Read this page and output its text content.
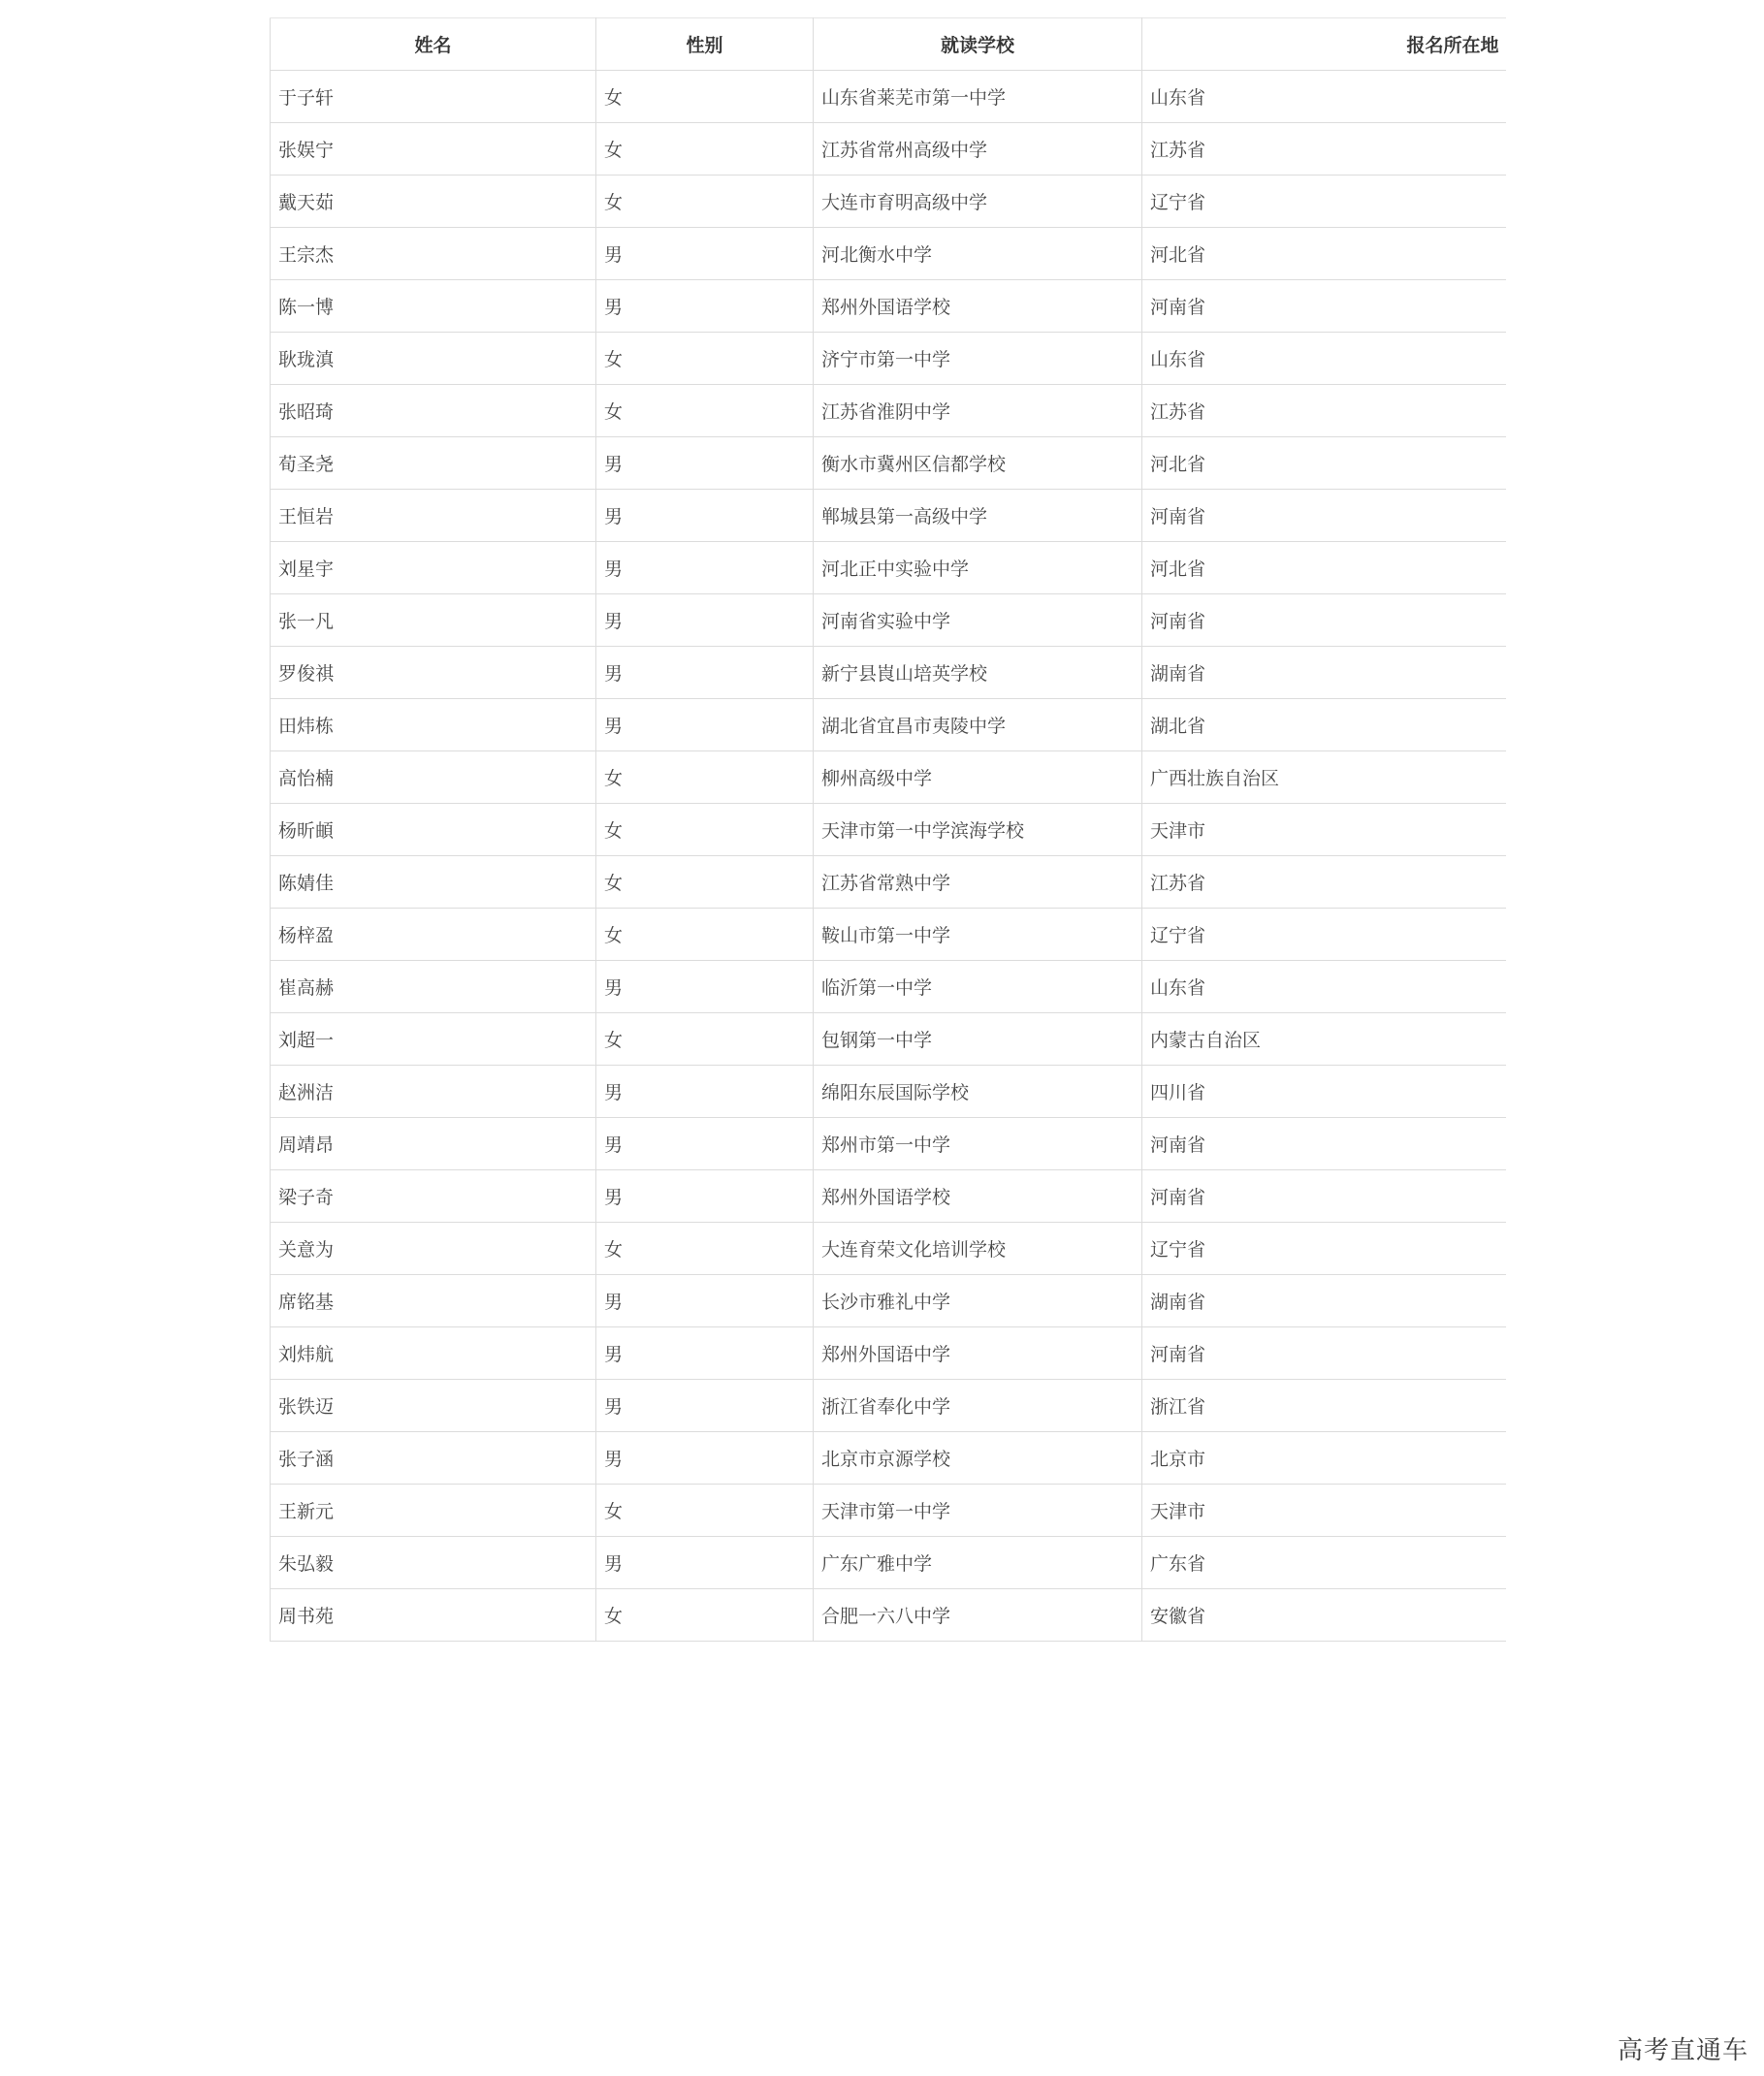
姓名	性别	就读学校	报名所在地
于子轩	女	山东省莱芜市第一中学	山东省
张娱宁	女	江苏省常州高级中学	江苏省
戴天茹	女	大连市育明高级中学	辽宁省
王宗杰	男	河北衡水中学	河北省
陈一博	男	郑州外国语学校	河南省
耿珑滇	女	济宁市第一中学	山东省
张昭琦	女	江苏省淮阴中学	江苏省
荀圣尧	男	衡水市冀州区信都学校	河北省
王恒岩	男	郸城县第一高级中学	河南省
刘星宇	男	河北正中实验中学	河北省
张一凡	男	河南省实验中学	河南省
罗俊祺	男	新宁县崀山培英学校	湖南省
田炜栋	男	湖北省宜昌市夷陵中学	湖北省
高怡楠	女	柳州高级中学	广西壮族自治区
杨昕頔	女	天津市第一中学滨海学校	天津市
陈婧佳	女	江苏省常熟中学	江苏省
杨梓盈	女	鞍山市第一中学	辽宁省
崔高赫	男	临沂第一中学	山东省
刘超一	女	包钢第一中学	内蒙古自治区
赵洲洁	男	绵阳东辰国际学校	四川省
周靖昂	男	郑州市第一中学	河南省
梁子奇	男	郑州外国语学校	河南省
关意为	女	大连育荣文化培训学校	辽宁省
席铭基	男	长沙市雅礼中学	湖南省
刘炜航	男	郑州外国语中学	河南省
张铁迈	男	浙江省奉化中学	浙江省
张子涵	男	北京市京源学校	北京市
王新元	女	天津市第一中学	天津市
朱弘毅	男	广东广雅中学	广东省
周书苑	女	合肥一六八中学	安徽省
高考直通车
